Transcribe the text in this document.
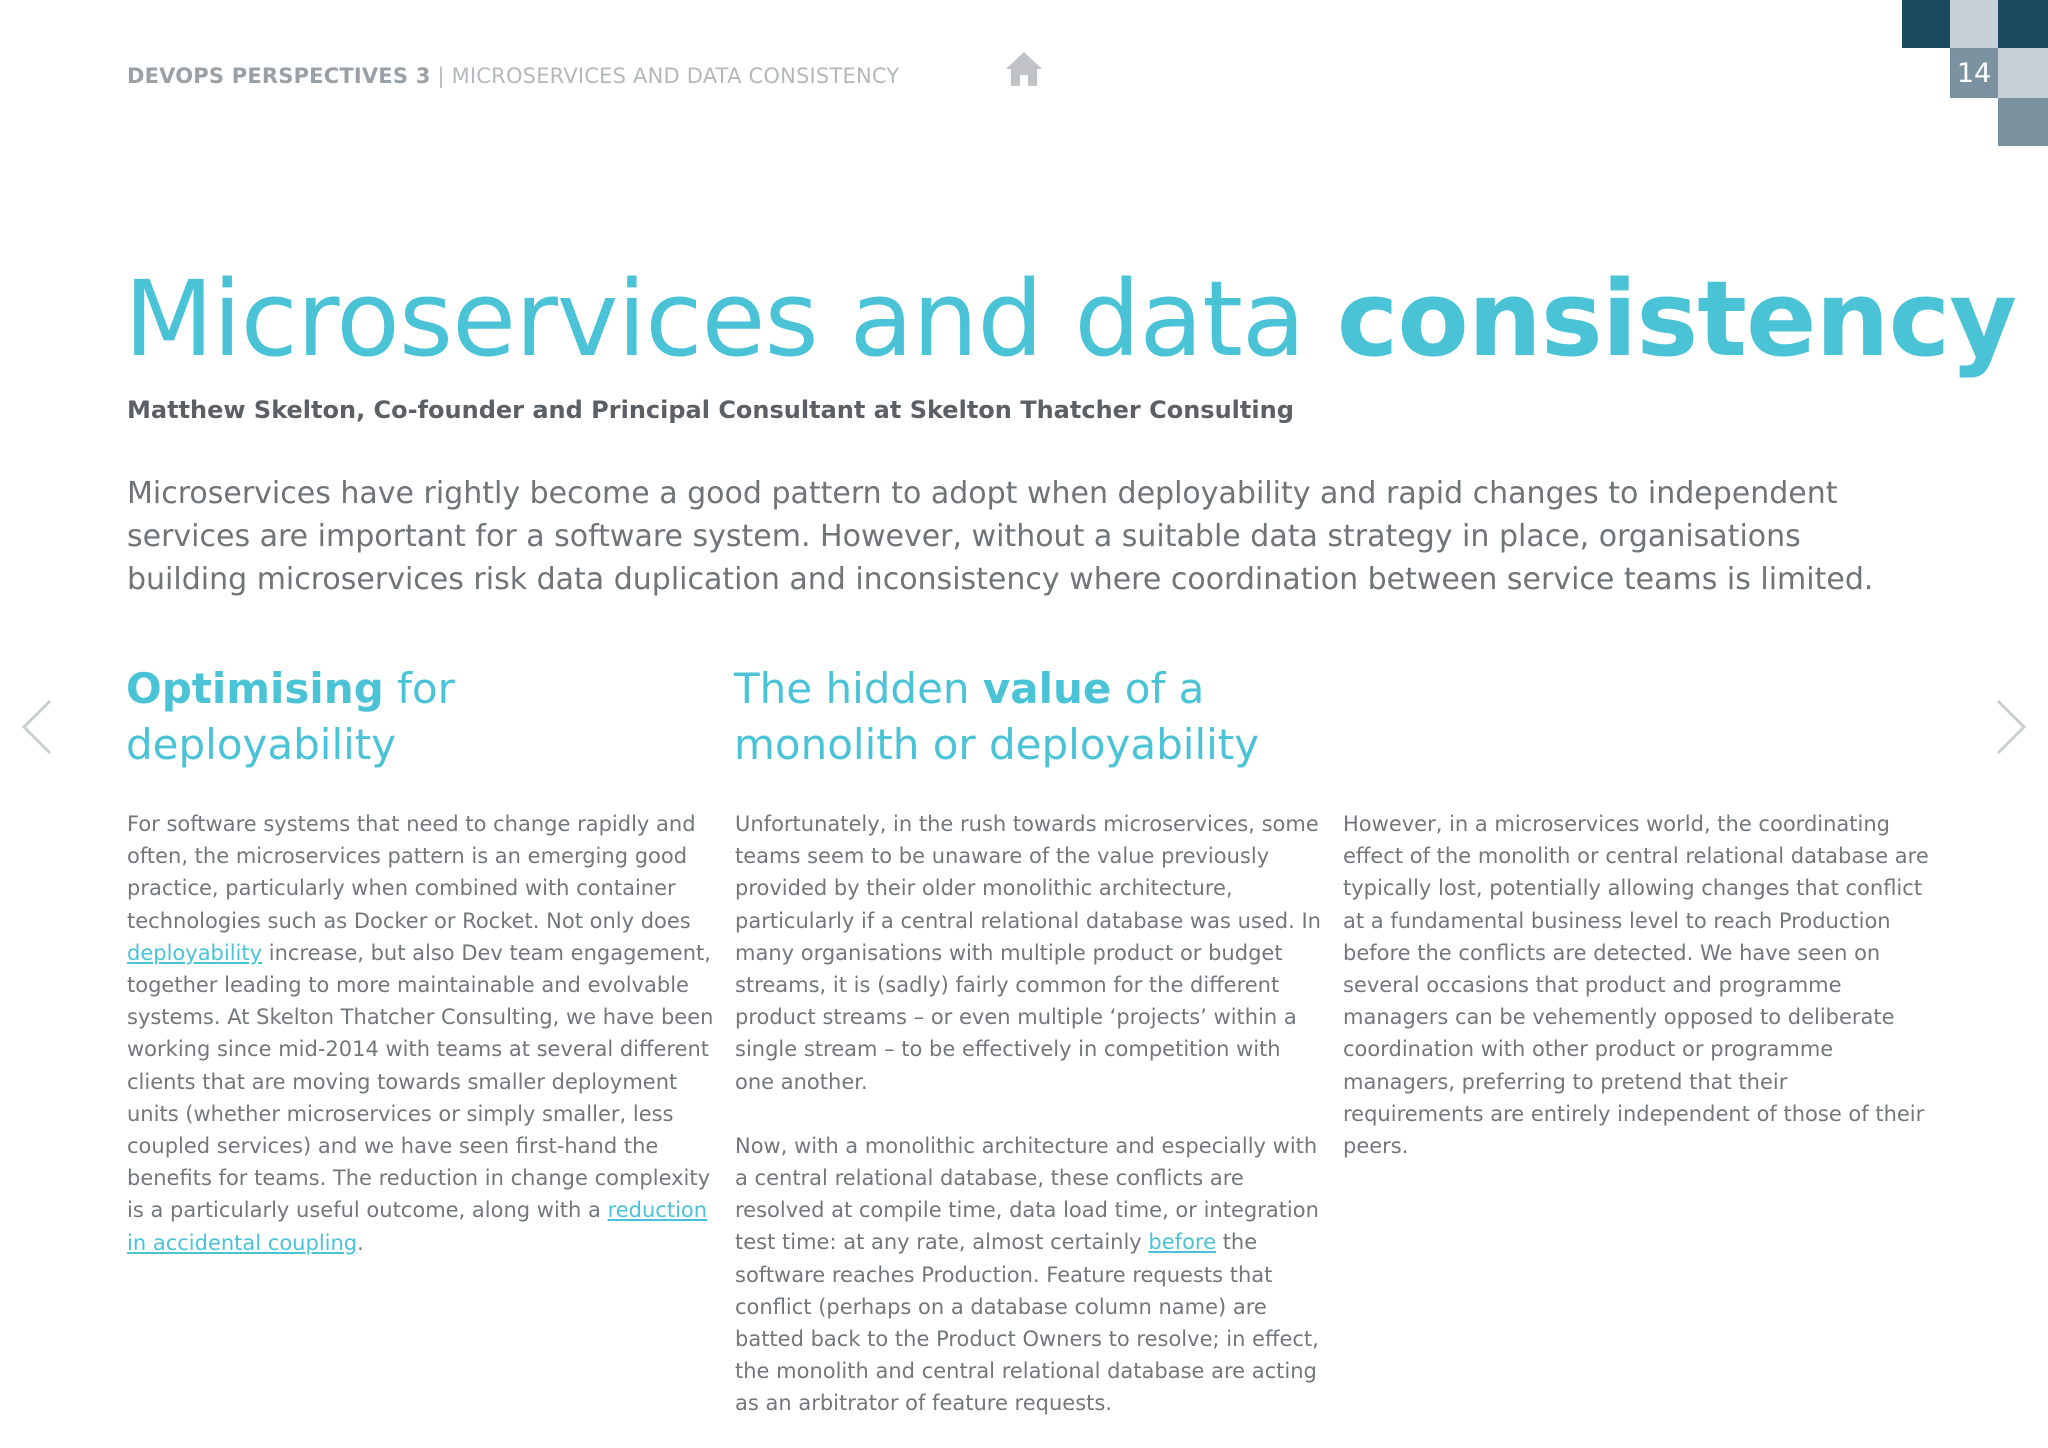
DEVOPS PERSPECTIVES 3 | MICROSERVICES AND DATA CONSISTENCY	14
Microservices and data consistency
Matthew Skelton, Co-founder and Principal Consultant at Skelton Thatcher Consulting

Microservices have rightly become a good pattern to adopt when deployability and rapid changes to independent services are important for a software system. However, without a suitable data strategy in place, organisations building microservices risk data duplication and inconsistency where coordination between service teams is limited.

Optimising for
deployability

For software systems that need to change rapidly and often, the microservices pattern is an emerging good practice, particularly when combined with container technologies such as Docker or Rocket. Not only does deployability increase, but also Dev team engagement, together leading to more maintainable and evolvable systems. At Skelton Thatcher Consulting, we have been working since mid-2014 with teams at several different clients that are moving towards smaller deployment units (whether microservices or simply smaller, less coupled services) and we have seen first-hand the benefits for teams. The reduction in change complexity is a particularly useful outcome, along with a reduction in accidental coupling.

The hidden value of a
monolith or deployability

Unfortunately, in the rush towards microservices, some teams seem to be unaware of the value previously provided by their older monolithic architecture, particularly if a central relational database was used. In many organisations with multiple product or budget streams, it is (sadly) fairly common for the different product streams – or even multiple ‘projects’ within a single stream – to be effectively in competition with one another.

Now, with a monolithic architecture and especially with a central relational database, these conflicts are resolved at compile time, data load time, or integration test time: at any rate, almost certainly before the software reaches Production. Feature requests that conflict (perhaps on a database column name) are batted back to the Product Owners to resolve; in effect, the monolith and central relational database are acting as an arbitrator of feature requests.

However, in a microservices world, the coordinating effect of the monolith or central relational database are typically lost, potentially allowing changes that conflict at a fundamental business level to reach Production before the conflicts are detected. We have seen on several occasions that product and programme managers can be vehemently opposed to deliberate coordination with other product or programme managers, preferring to pretend that their requirements are entirely independent of those of their peers.
